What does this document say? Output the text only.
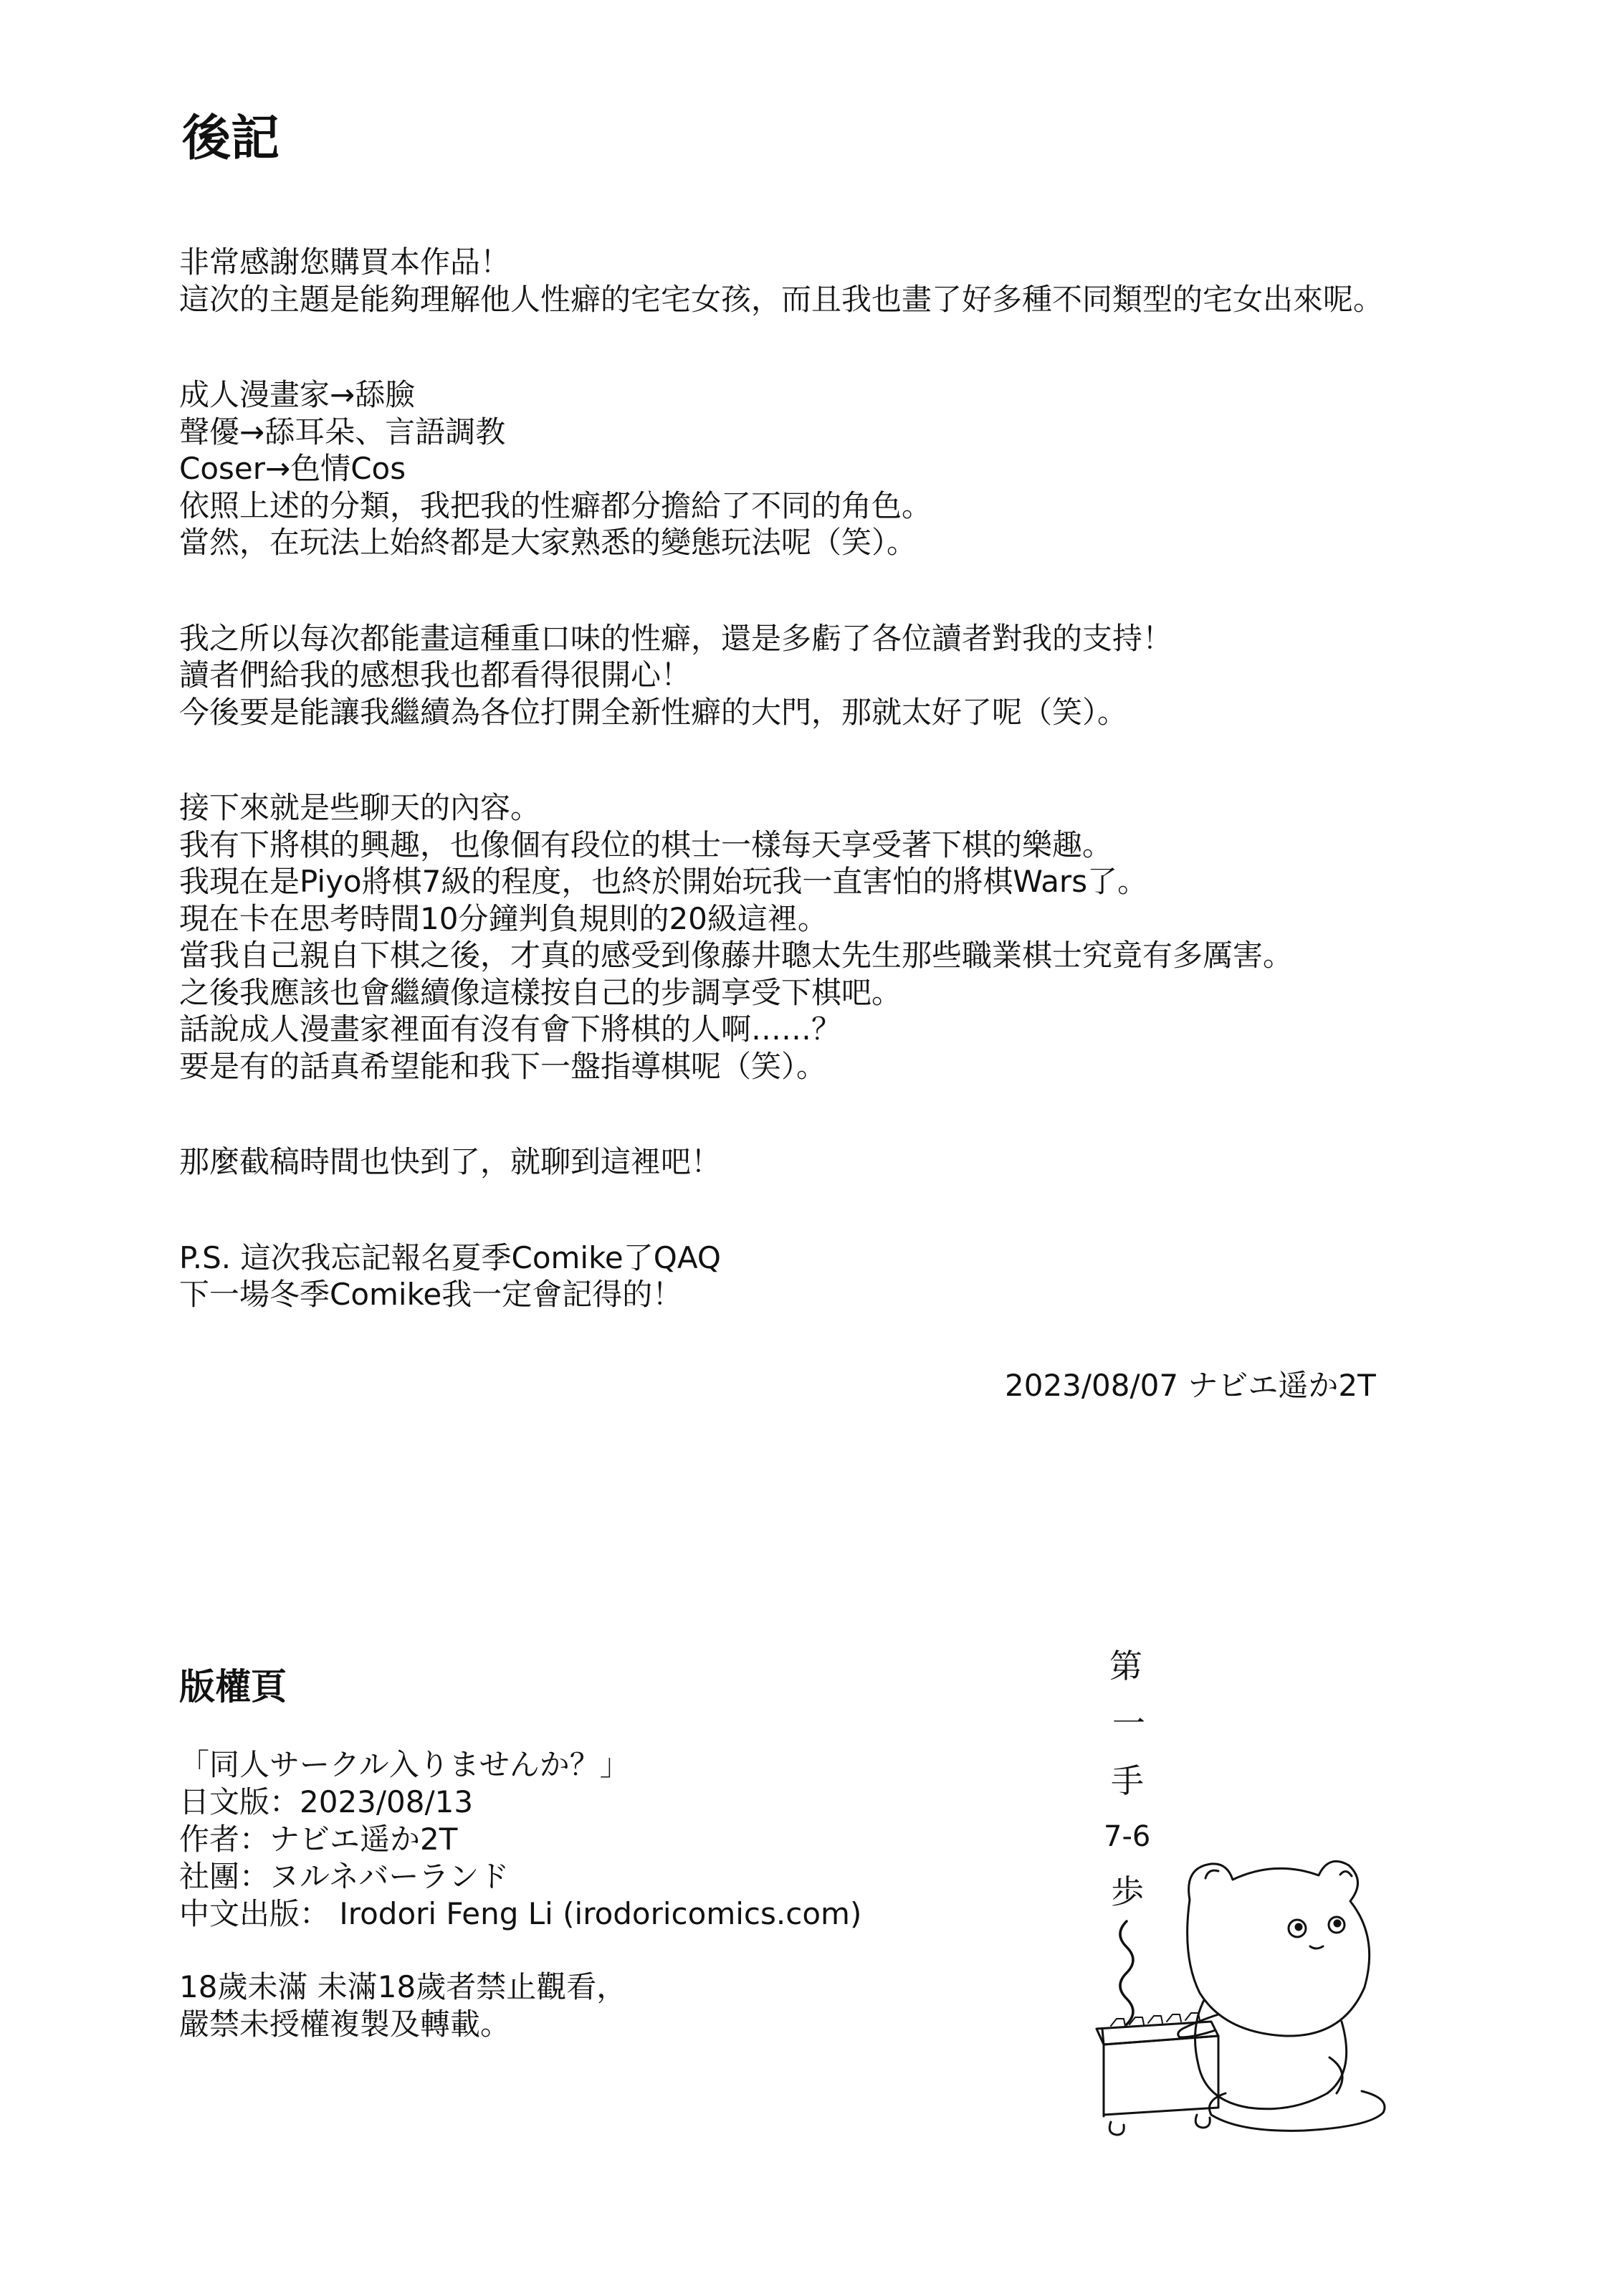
後記
非常感謝您購買本作品！
這次的主題是能夠理解他人性癖的宅宅女孩，而且我也畫了好多種不同類型的宅女出來呢。
成人漫畫家→舔臉
聲優→舔耳朵、言語調教
Coser→色情Cos
依照上述的分類，我把我的性癖都分擔給了不同的角色。
當然，在玩法上始終都是大家熟悉的變態玩法呢（笑）。
我之所以每次都能畫這種重口味的性癖，還是多虧了各位讀者對我的支持！
讀者們給我的感想我也都看得很開心！
今後要是能讓我繼續為各位打開全新性癖的大門，那就太好了呢（笑）。
接下來就是些聊天的內容。
我有下將棋的興趣，也像個有段位的棋士一樣每天享受著下棋的樂趣。
我現在是Piyo將棋7級的程度，也終於開始玩我一直害怕的將棋Wars了。
現在卡在思考時間10分鐘判負規則的20級這裡。
當我自己親自下棋之後，才真的感受到像藤井聰太先生那些職業棋士究竟有多厲害。
之後我應該也會繼續像這樣按自己的步調享受下棋吧。
話說成人漫畫家裡面有沒有會下將棋的人啊……？
要是有的話真希望能和我下一盤指導棋呢（笑）。
那麼截稿時間也快到了，就聊到這裡吧！
P.S. 這次我忘記報名夏季Comike了QAQ
下一場冬季Comike我一定會記得的！
2023/08/07 ナビエ遥か2T
版權頁
「同人サークル入りませんか？」
日文版：2023/08/13
作者：ナビエ遥か2T
社團：ヌルネバーランド
中文出版： Irodori Feng Li (irodoricomics.com)
18歲未滿 未滿18歲者禁止觀看，
嚴禁未授權複製及轉載。
第
一
手
7-6
歩
